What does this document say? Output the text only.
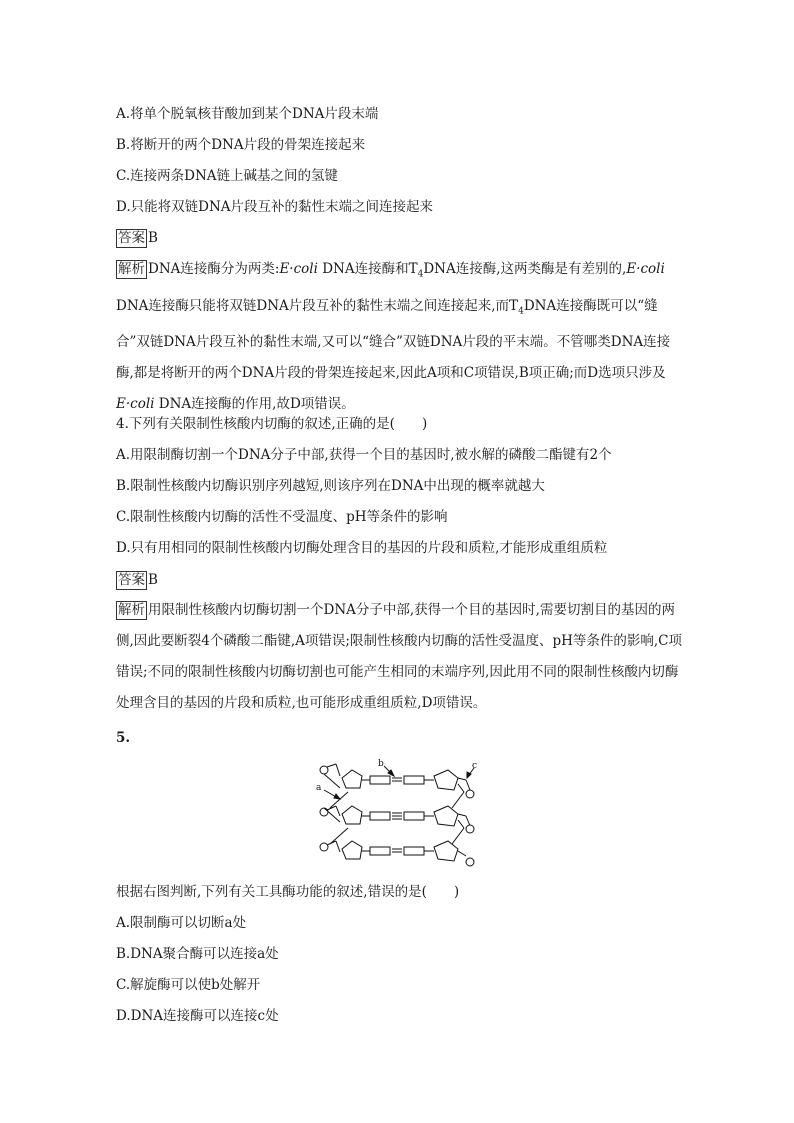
A.将单个脱氧核苷酸加到某个DNA片段末端
B.将断开的两个DNA片段的骨架连接起来
C.连接两条DNA链上碱基之间的氢键
D.只能将双链DNA片段互补的黏性末端之间连接起来
答案 B
解析 DNA连接酶分为两类:E·coli DNA连接酶和$T_4DNA$连接酶,这两类酶是有差别的,E·coli DNA连接酶只能将双链DNA片段互补的黏性末端之间连接起来,而$T_4DNA$连接酶既可以“缝合”双链DNA片段互补的黏性末端,又可以“缝合”双链DNA片段的平末端。不管哪类DNA连接酶,都是将断开的两个DNA片段的骨架连接起来,因此A项和C项错误,B项正确;而D选项只涉及E·coli DNA连接酶的作用,故D项错误。
4.下列有关限制性核酸内切酶的叙述,正确的是(　　)
A.用限制酶切割一个DNA分子中部,获得一个目的基因时,被水解的磷酸二酯键有2个
B.限制性核酸内切酶识别序列越短,则该序列在DNA中出现的概率就越大
C.限制性核酸内切酶的活性不受温度、pH等条件的影响
D.只有用相同的限制性核酸内切酶处理含目的基因的片段和质粒,才能形成重组质粒
答案 B
解析 用限制性核酸内切酶切割一个DNA分子中部,获得一个目的基因时,需要切割目的基因的两侧,因此要断裂4个磷酸二酯键,A项错误;限制性核酸内切酶的活性受温度、pH等条件的影响,C项错误;不同的限制性核酸内切酶切割也可能产生相同的末端序列,因此用不同的限制性核酸内切酶处理含目的基因的片段和质粒,也可能形成重组质粒,D项错误。
5.
a
b	c
根据右图判断,下列有关工具酶功能的叙述,错误的是(　　)
A.限制酶可以切断a处
B.DNA聚合酶可以连接a处
C.解旋酶可以使b处解开
D.DNA连接酶可以连接c处
